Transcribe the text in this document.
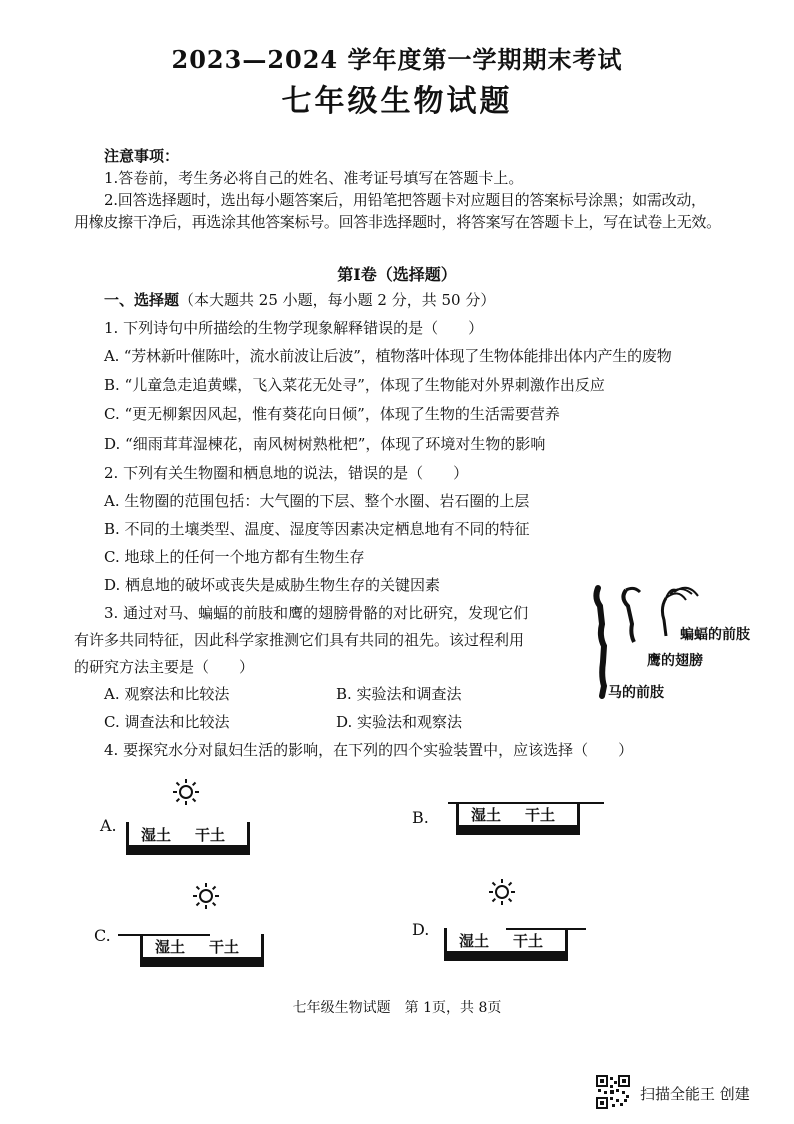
2023—2024 学年度第一学期期末考试
七年级生物试题
注意事项：
1.答卷前，考生务必将自己的姓名、准考证号填写在答题卡上。
2.回答选择题时，选出每小题答案后，用铅笔把答题卡对应题目的答案标号涂黑；如需改动，
用橡皮擦干净后，再选涂其他答案标号。回答非选择题时，将答案写在答题卡上，写在试卷上无效。
第Ⅰ卷（选择题）
一、选择题（本大题共 25 小题，每小题 2 分，共 50 分）
1. 下列诗句中所描绘的生物学现象解释错误的是（　　）
A. “芳林新叶催陈叶，流水前波让后波”，植物落叶体现了生物体能排出体内产生的废物
B. “儿童急走追黄蝶，飞入菜花无处寻”，体现了生物能对外界刺激作出反应
C. “更无柳絮因风起，惟有葵花向日倾”，体现了生物的生活需要营养
D. “细雨茸茸湿楝花，南风树树熟枇杷”，体现了环境对生物的影响
2. 下列有关生物圈和栖息地的说法，错误的是（　　）
A. 生物圈的范围包括：大气圈的下层、整个水圈、岩石圈的上层
B. 不同的土壤类型、温度、湿度等因素决定栖息地有不同的特征
C. 地球上的任何一个地方都有生物生存
D. 栖息地的破坏或丧失是威胁生物生存的关键因素
3. 通过对马、蝙蝠的前肢和鹰的翅膀骨骼的对比研究，发现它们
有许多共同特征，因此科学家推测它们具有共同的祖先。该过程利用
的研究方法主要是（　　）
A. 观察法和比较法	B. 实验法和调查法
C. 调查法和比较法	D. 实验法和观察法
蝙蝠的前肢
鹰的翅膀
马的前肢
4. 要探究水分对鼠妇生活的影响，在下列的四个实验装置中，应该选择（　　）
A. 湿土 干土
B.	湿土 干土
C.
湿土 干土
D.
湿土 干土
七年级生物试题　第 1页，共 8页
扫描全能王 创建
